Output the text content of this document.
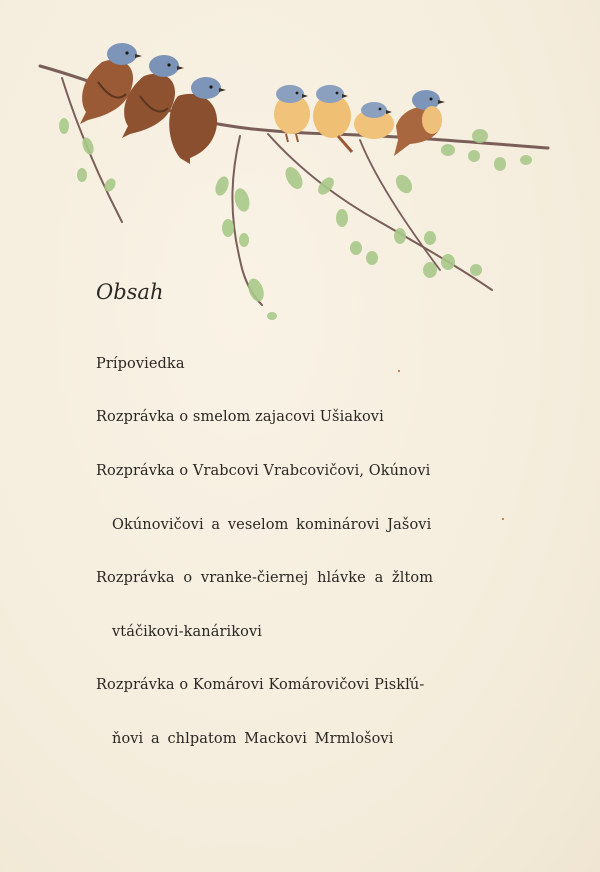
Obsah
Prípoviedka
Rozprávka o smelom zajacovi Ušiakovi
Rozprávka o Vrabcovi Vrabcovičovi, Okúnovi
Okúnovičovi a veselom kominárovi Jašovi
Rozprávka o vranke-čiernej hlávke a žltom
vtáčikovi-kanárikovi
Rozprávka o Komárovi Komárovičovi Piskľú-
ňovi a chlpatom Mackovi Mrmlošovi
